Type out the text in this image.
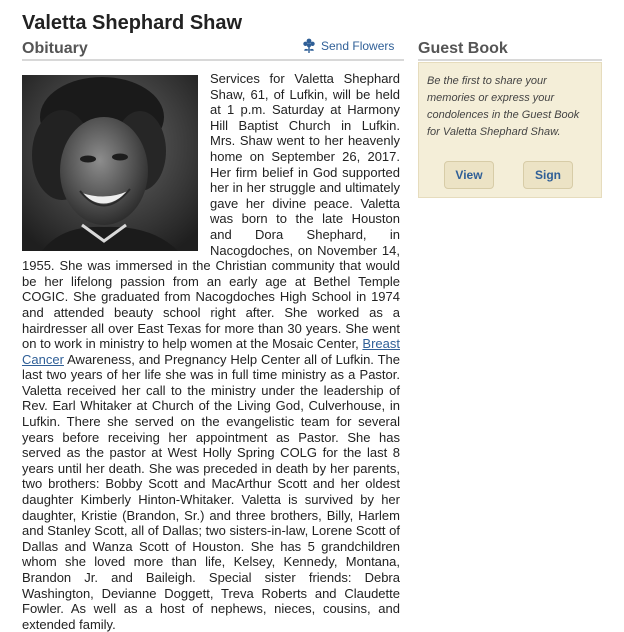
Valetta Shephard Shaw
Obituary	Send Flowers

Services for Valetta Shephard Shaw, 61, of Lufkin, will be held at 1 p.m. Saturday at Harmony Hill Baptist Church in Lufkin. Mrs. Shaw went to her heavenly home on September 26, 2017. Her firm belief in God supported her in her struggle and ultimately gave her divine peace. Valetta was born to the late Houston and Dora Shephard, in Nacogdoches, on November 14, 1955. She was immersed in the Christian community that would be her lifelong passion from an early age at Bethel Temple COGIC. She graduated from Nacogdoches High School in 1974 and attended beauty school right after. She worked as a hairdresser all over East Texas for more than 30 years. She went on to work in ministry to help women at the Mosaic Center, Breast Cancer Awareness, and Pregnancy Help Center all of Lufkin. The last two years of her life she was in full time ministry as a Pastor. Valetta received her call to the ministry under the leadership of Rev. Earl Whitaker at Church of the Living God, Culverhouse, in Lufkin. There she served on the evangelistic team for several years before receiving her appointment as Pastor. She has served as the pastor at West Holly Spring COLG for the last 8 years until her death. She was preceded in death by her parents, two brothers: Bobby Scott and MacArthur Scott and her oldest daughter Kimberly Hinton-Whitaker. Valetta is survived by her daughter, Kristie (Brandon, Sr.) and three brothers, Billy, Harlem and Stanley Scott, all of Dallas; two sisters-in-law, Lorene Scott of Dallas and Wanza Scott of Houston. She has 5 grandchildren whom she loved more than life, Kelsey, Kennedy, Montana, Brandon Jr. and Baileigh. Special sister friends: Debra Washington, Devianne Doggett, Treva Roberts and Claudette Fowler. As well as a host of nephews, nieces, cousins, and extended family.

Guest Book

Be the first to share your memories or express your condolences in the Guest Book for Valetta Shephard Shaw.

View	Sign
